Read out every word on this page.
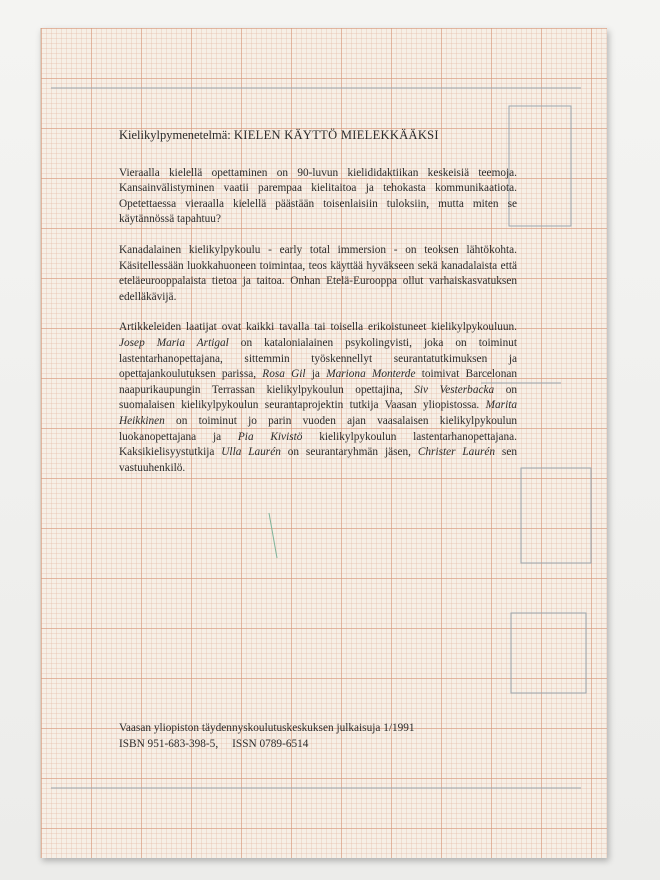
Kielikylpymenetelmä: KIELEN KÄYTTÖ MIELEKKÄÄKSI

Vieraalla kielellä opettaminen on 90-luvun kielididaktiikan keskeisiä teemoja. Kansainvälistyminen vaatii parempaa kielitaitoa ja tehokasta kommunikaatiota. Opetettaessa vieraalla kielellä päästään toisenlaisiin tuloksiin, mutta miten se käytännössä tapahtuu?

Kanadalainen kielikylpykoulu - early total immersion - on teoksen lähtökohta. Käsitellessään luokkahuoneen toimintaa, teos käyttää hyväkseen sekä kanadalaista että eteläeurooppalaista tietoa ja taitoa. Onhan Etelä-Eurooppa ollut varhaiskasvatuksen edelläkävijä.

Artikkeleiden laatijat ovat kaikki tavalla tai toisella erikoistuneet kielikylpykouluun. Josep Maria Artigal on katalonialainen psykolingvisti, joka on toiminut lastentarhanopettajana, sittemmin työskennellyt seurantatutkimuksen ja opettajankoulutuksen parissa, Rosa Gil ja Mariona Monterde toimivat Barcelonan naapurikaupungin Terrassan kielikylpykoulun opettajina, Siv Vesterbacka on suomalaisen kielikylpykoulun seurantaprojektin tutkija Vaasan yliopistossa. Marita Heikkinen on toiminut jo parin vuoden ajan vaasalaisen kielikylpykoulun luokanopettajana ja Pia Kivistö kielikylpykoulun lastentarhanopettajana. Kaksikielisyystutkija Ulla Laurén on seurantaryhmän jäsen, Christer Laurén sen vastuuhenkilö.

Vaasan yliopiston täydennyskoulutuskeskuksen julkaisuja 1/1991
ISBN 951-683-398-5, ISSN 0789-6514
